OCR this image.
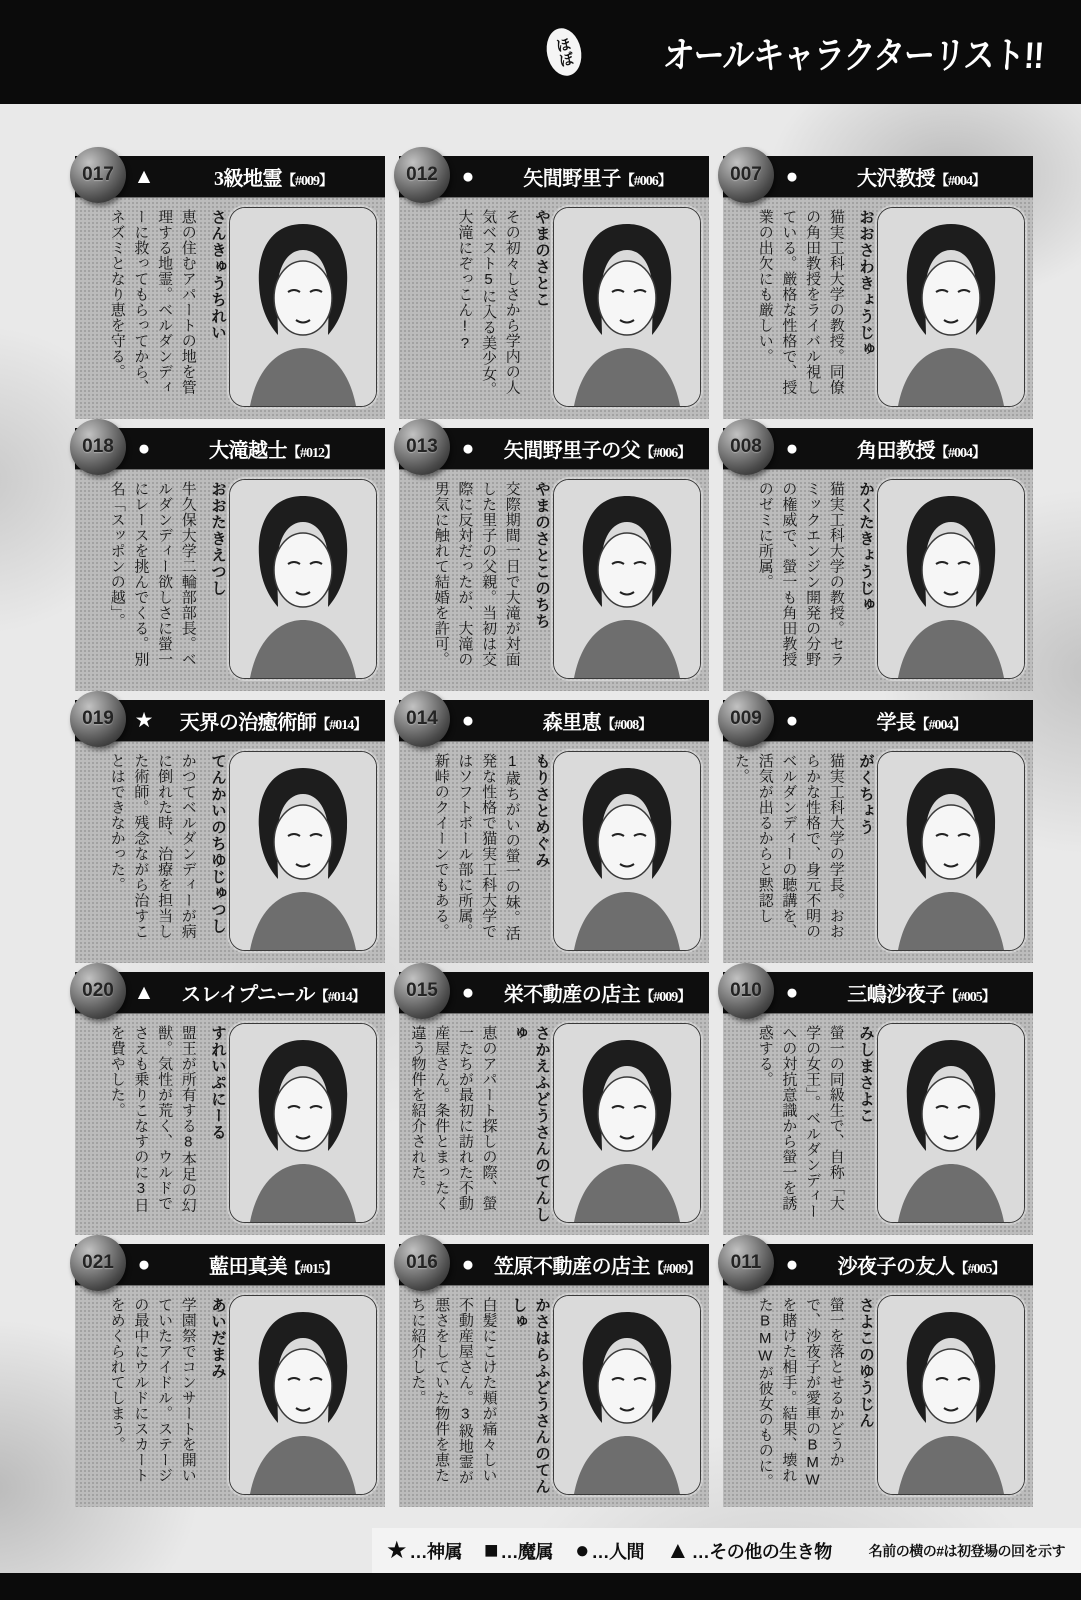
ほぼ オールキャラクターリスト!!
017 ▲	3級地霊【#009】
さんきゅうちれい
恵の住むアパートの地を管理する地霊。ベルダンディーに救ってもらってから、ネズミとなり恵を守る。
012	●	矢間野里子【#006】
やまのさとこ
その初々しさから学内の人気ベスト5に入る美少女。大滝にぞっこん!?
007	●	大沢教授【#004】
おおさわきょうじゅ
猫実工科大学の教授。同僚の角田教授をライバル視している。厳格な性格で、授業の出欠にも厳しい。
018	●	大滝越士【#012】
おおたきえつし
牛久保大学二輪部部長。ベルダンディー欲しさに螢一にレースを挑んでくる。別名「スッポンの越」。
013	●	矢間野里子の父【#006】
やまのさとこのちち
交際期間一日で大滝が対面した里子の父親。当初は交際に反対だったが、大滝の男気に触れて結婚を許可。
008	●	角田教授【#004】
かくたきょうじゅ
猫実工科大学の教授。セラミックエンジン開発の分野の権威で、螢一も角田教授のゼミに所属。
019 ★	天界の治癒術師【#014】
てんかいのちゆじゅつし
かつてベルダンディーが病に倒れた時、治療を担当した術師。残念ながら治すことはできなかった。
014	●	森里恵【#008】
もりさとめぐみ
1歳ちがいの螢一の妹。活発な性格で猫実工科大学ではソフトボール部に所属。新峠のクイーンでもある。
009	●	学長【#004】
がくちょう
猫実工科大学の学長。おおらかな性格で、身元不明のベルダンディーの聴講を、活気が出るからと黙認した。
020 ▲	スレイプニール【#014】
すれいぷにーる
盟王が所有する8本足の幻獣。気性が荒く、ウルドでさえも乗りこなすのに3日を費やした。
015	●	栄不動産の店主【#009】
さかえふどうさんのてんしゅ
恵のアパート探しの際、螢一たちが最初に訪れた不動産屋さん。条件とまったく違う物件を紹介された。
010	●	三嶋沙夜子【#005】
みしまさよこ
螢一の同級生で、自称「大学の女王」。ベルダンディーへの対抗意識から螢一を誘惑する。
021	●	藍田真美【#015】
あいだまみ
学園祭でコンサートを開いていたアイドル。ステージの最中にウルドにスカートをめくられてしまう。
016	● 笠原不動産の店主【#009】
かさはらふどうさんのてんしゅ
白髪にこけた頬が痛々しい不動産屋さん。3級地霊が悪さをしていた物件を恵たちに紹介した。
011	●	沙夜子の友人【#005】
さよこのゆうじん
螢一を落とせるかどうかで、沙夜子が愛車のBMWを賭けた相手。結果、壊れたBMWが彼女のものに。
★ …神属 ■ …魔属 ● …人間 ▲ …その他の生き物	名前の横の#は初登場の回を示す
